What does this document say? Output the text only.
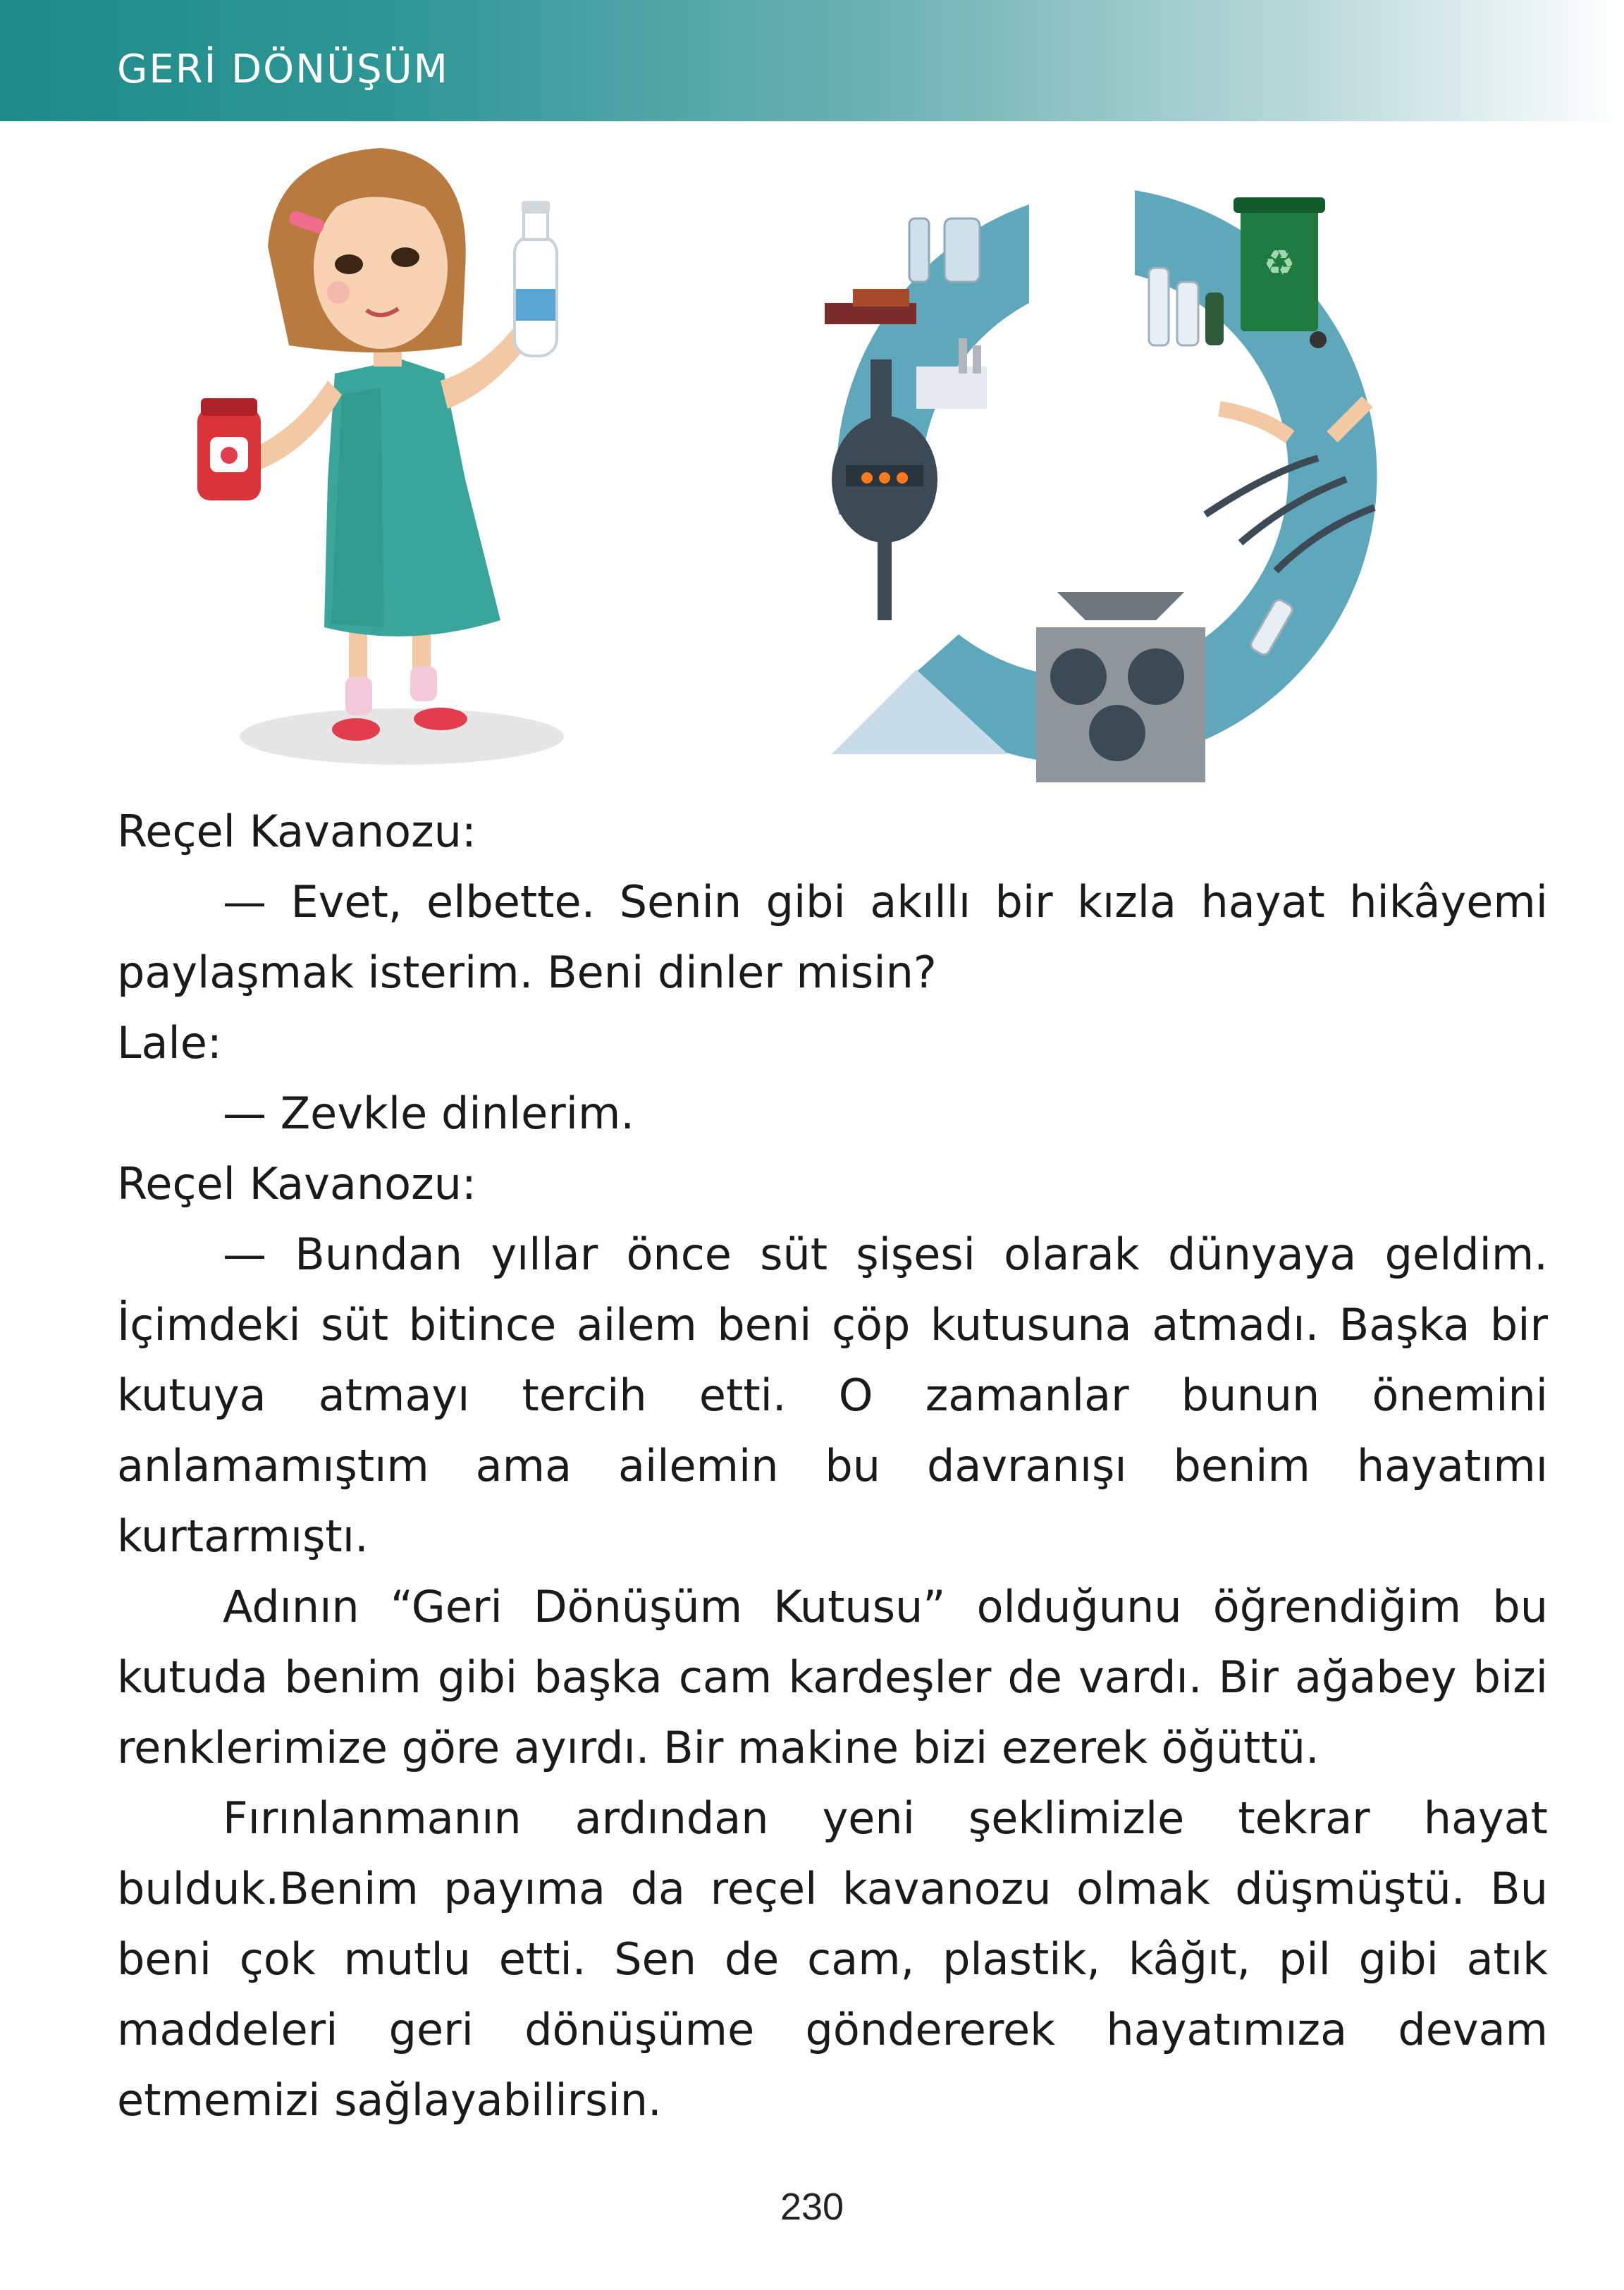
GERİ DÖNÜŞÜM
♻

Reçel Kavanozu:

— Evet, elbette. Senin gibi akıllı bir kızla hayat hikâyemi paylaşmak isterim. Beni dinler misin?

Lale:

— Zevkle dinlerim.

Reçel Kavanozu:

— Bundan yıllar önce süt şişesi olarak dünyaya geldim. İçimdeki süt bitince ailem beni çöp kutusuna atmadı. Başka bir kutuya atmayı tercih etti. O zamanlar bunun önemini anlamamıştım ama ailemin bu davranışı benim hayatımı kurtarmıştı.

Adının “Geri Dönüşüm Kutusu” olduğunu öğrendiğim bu kutuda benim gibi başka cam kardeşler de vardı. Bir ağabey bizi renklerimize göre ayırdı. Bir makine bizi ezerek öğüttü.

Fırınlanmanın ardından yeni şeklimizle tekrar hayat bulduk.Benim payıma da reçel kavanozu olmak düşmüştü. Bu beni çok mutlu etti. Sen de cam, plastik, kâğıt, pil gibi atık maddeleri geri dönüşüme göndererek hayatımıza devam etmemizi sağlayabilirsin.

230
